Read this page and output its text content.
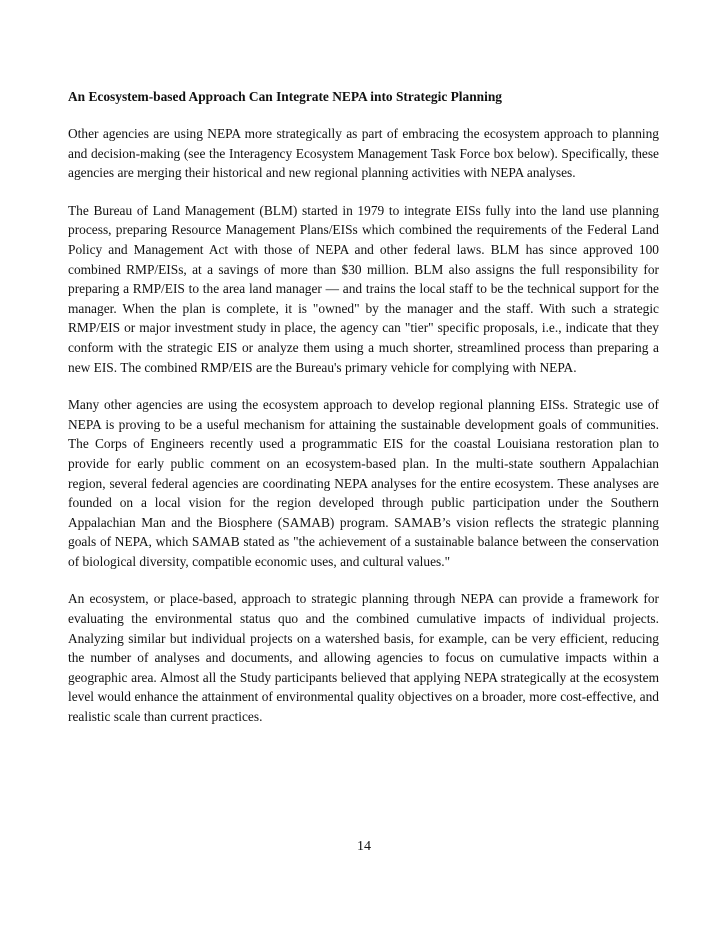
An Ecosystem-based Approach Can Integrate NEPA into Strategic Planning

Other agencies are using NEPA more strategically as part of embracing the ecosystem approach to planning and decision-making (see the Interagency Ecosystem Management Task Force box below). Specifically, these agencies are merging their historical and new regional planning activities with NEPA analyses.

The Bureau of Land Management (BLM) started in 1979 to integrate EISs fully into the land use planning process, preparing Resource Management Plans/EISs which combined the requirements of the Federal Land Policy and Management Act with those of NEPA and other federal laws. BLM has since approved 100 combined RMP/EISs, at a savings of more than $30 million. BLM also assigns the full responsibility for preparing a RMP/EIS to the area land manager — and trains the local staff to be the technical support for the manager. When the plan is complete, it is "owned" by the manager and the staff. With such a strategic RMP/EIS or major investment study in place, the agency can "tier" specific proposals, i.e., indicate that they conform with the strategic EIS or analyze them using a much shorter, streamlined process than preparing a new EIS. The combined RMP/EIS are the Bureau's primary vehicle for complying with NEPA.

Many other agencies are using the ecosystem approach to develop regional planning EISs. Strategic use of NEPA is proving to be a useful mechanism for attaining the sustainable development goals of communities. The Corps of Engineers recently used a programmatic EIS for the coastal Louisiana restoration plan to provide for early public comment on an ecosystem-based plan. In the multi-state southern Appalachian region, several federal agencies are coordinating NEPA analyses for the entire ecosystem. These analyses are founded on a local vision for the region developed through public participation under the Southern Appalachian Man and the Biosphere (SAMAB) program. SAMAB’s vision reflects the strategic planning goals of NEPA, which SAMAB stated as "the achievement of a sustainable balance between the conservation of biological diversity, compatible economic uses, and cultural values."

An ecosystem, or place-based, approach to strategic planning through NEPA can provide a framework for evaluating the environmental status quo and the combined cumulative impacts of individual projects. Analyzing similar but individual projects on a watershed basis, for example, can be very efficient, reducing the number of analyses and documents, and allowing agencies to focus on cumulative impacts within a geographic area. Almost all the Study participants believed that applying NEPA strategically at the ecosystem level would enhance the attainment of environmental quality objectives on a broader, more cost-effective, and realistic scale than current practices.

14
